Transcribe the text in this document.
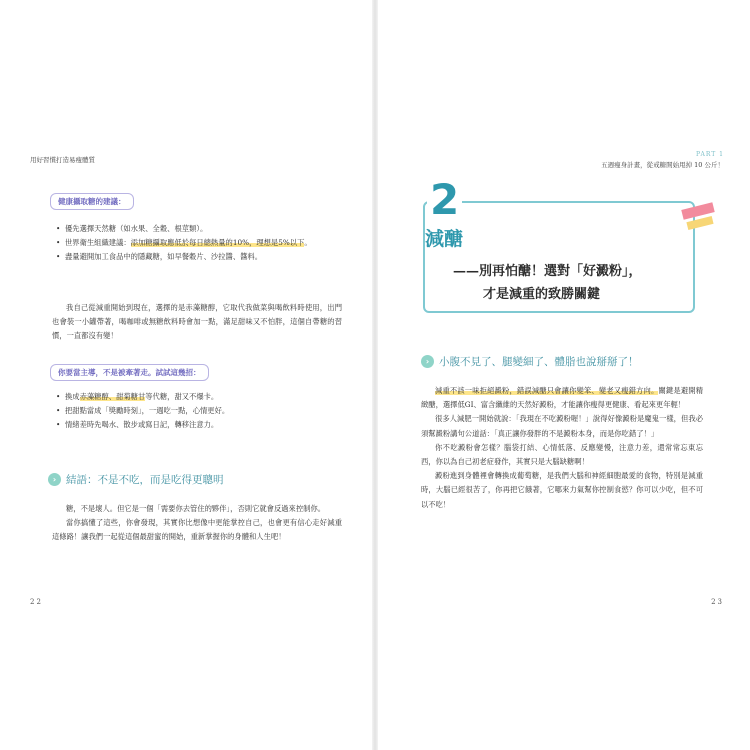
用好習慣打造易瘦體質
健康攝取糖的建議：
• 優先選擇天然糖（如水果、全穀、根莖類）。
• 世界衛生組織建議：添加糖攝取應低於每日總熱量的10%，理想是5%以下。
• 盡量避開加工食品中的隱藏糖，如早餐穀片、沙拉醬、醬料。

我自己從減重開始到現在，選擇的是赤藻糖醇，它取代我做菜與喝飲料時使用，出門也會裝一小罐帶著，喝咖啡或無糖飲料時會加一點，滿足甜味又不怕胖，這個自帶糖的習慣，一直都沒有變！

你要當主導，不是被牽著走。試試這幾招：
• 換成赤藻糖醇、甜菊糖甘等代糖，甜又不爆卡。
• 把甜點當成「獎勵時刻」，一週吃一點，心情更好。
• 情緒差時先喝水、散步或寫日記，轉移注意力。
› 結語：不是不吃，而是吃得更聰明

糖，不是壞人。但它是一個「需要你去管住的夥伴」，否則它就會反過來控制你。

當你搞懂了這些，你會發現，其實你比想像中更能掌控自己，也會更有信心走好減重這條路！讓我們一起從這個最甜蜜的開始，重新掌握你的身體和人生吧！

22
PART 1
五週瘦身計畫，從戒糖開始甩掉 10 公斤！
2
減醣
——別再怕醣！選對「好澱粉」，
才是減重的致勝關鍵
› 小腹不見了、腿變細了、體脂也說掰掰了！

減重不該一味拒絕澱粉，錯誤減醣只會讓你變笨、變老又瘦錯方向。關鍵是避開精緻醣，選擇低GI、富含纖維的天然好澱粉，才能讓你瘦得更健康、看起來更年輕！

很多人減肥一開始就說：「我現在不吃澱粉喔！」說得好像澱粉是魔鬼一樣，但我必須幫澱粉講句公道話：「真正讓你發胖的不是澱粉本身，而是你吃錯了！」

你不吃澱粉會怎樣？腦袋打結、心情低落、反應變慢，注意力差，還常常忘東忘西，你以為自己初老症發作，其實只是大腦缺糖啊！

澱粉進到身體裡會轉換成葡萄糖，是我們大腦和神經細胞最愛的食物，特別是減重時，大腦已經很苦了，你再把它餓著，它哪來力氣幫你控制食慾？你可以少吃，但不可以不吃！

23
